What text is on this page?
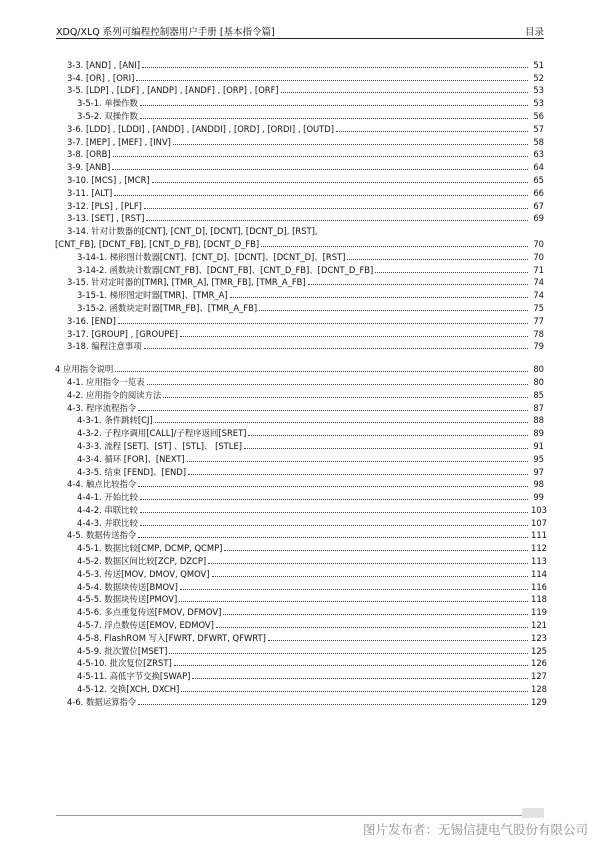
XDQ/XLQ 系列可编程控制器用户手册 [基本指令篇]	目录
3-3. [AND] , [ANI]	51
3-4. [OR] , [ORI]	52
3-5. [LDP] , [LDF] , [ANDP] , [ANDF] , [ORP] , [ORF]	53
3-5-1. 单操作数	53
3-5-2. 双操作数	56
3-6. [LDD] , [LDDI] , [ANDD] , [ANDDI] , [ORD] , [ORDI] , [OUTD]	57
3-7. [MEP] , [MEF] , [INV]	58
3-8. [ORB]	63
3-9. [ANB]	64
3-10. [MCS] , [MCR]	65
3-11. [ALT]	66
3-12. [PLS] , [PLF]	67
3-13. [SET] , [RST]	69
3-14. 针对计数器的[CNT], [CNT_D], [DCNT], [DCNT_D], [RST],
[CNT_FB], [DCNT_FB], [CNT_D_FB], [DCNT_D_FB]	70
3-14-1. 梯形图计数器[CNT]、[CNT_D]、[DCNT]、[DCNT_D]、[RST]	70
3-14-2. 函数块计数器[CNT_FB]、[DCNT_FB]、[CNT_D_FB]、[DCNT_D_FB]	71
3-15. 针对定时器的[TMR], [TMR_A], [TMR_FB], [TMR_A_FB]	74
3-15-1. 梯形图定时器[TMR]、[TMR_A]	74
3-15-2. 函数块定时器[TMR_FB]、[TMR_A_FB]	75
3-16. [END]	77
3-17. [GROUP] , [GROUPE]	78
3-18. 编程注意事项	79
4 应用指令说明	80
4-1. 应用指令一览表	80
4-2. 应用指令的阅读方法	85
4-3. 程序流程指令	87
4-3-1. 条件跳转[CJ]	88
4-3-2. 子程序调用[CALL]/子程序返回[SRET]	89
4-3-3. 流程 [SET]、[ST] 、[STL]、 [STLE]	91
4-3-4. 循环 [FOR]、[NEXT]	95
4-3-5. 结束 [FEND]、[END]	97
4-4. 触点比较指令	98
4-4-1. 开始比较	99
4-4-2. 串联比较	103
4-4-3. 并联比较	107
4-5. 数据传送指令	111
4-5-1. 数据比较[CMP, DCMP, QCMP]	112
4-5-2. 数据区间比较[ZCP, DZCP]	113
4-5-3. 传送[MOV, DMOV, QMOV]	114
4-5-4. 数据块传送[BMOV]	116
4-5-5. 数据块传送[PMOV]	118
4-5-6. 多点重复传送[FMOV, DFMOV]	119
4-5-7. 浮点数传送[EMOV, EDMOV]	121
4-5-8. FlashROM 写入[FWRT, DFWRT, QFWRT]	123
4-5-9. 批次置位[MSET]	125
4-5-10. 批次复位[ZRST]	126
4-5-11. 高低字节交换[SWAP]	127
4-5-12. 交换[XCH, DXCH]	128
4-6. 数据运算指令	129
图片发布者：无锡信捷电气股份有限公司
